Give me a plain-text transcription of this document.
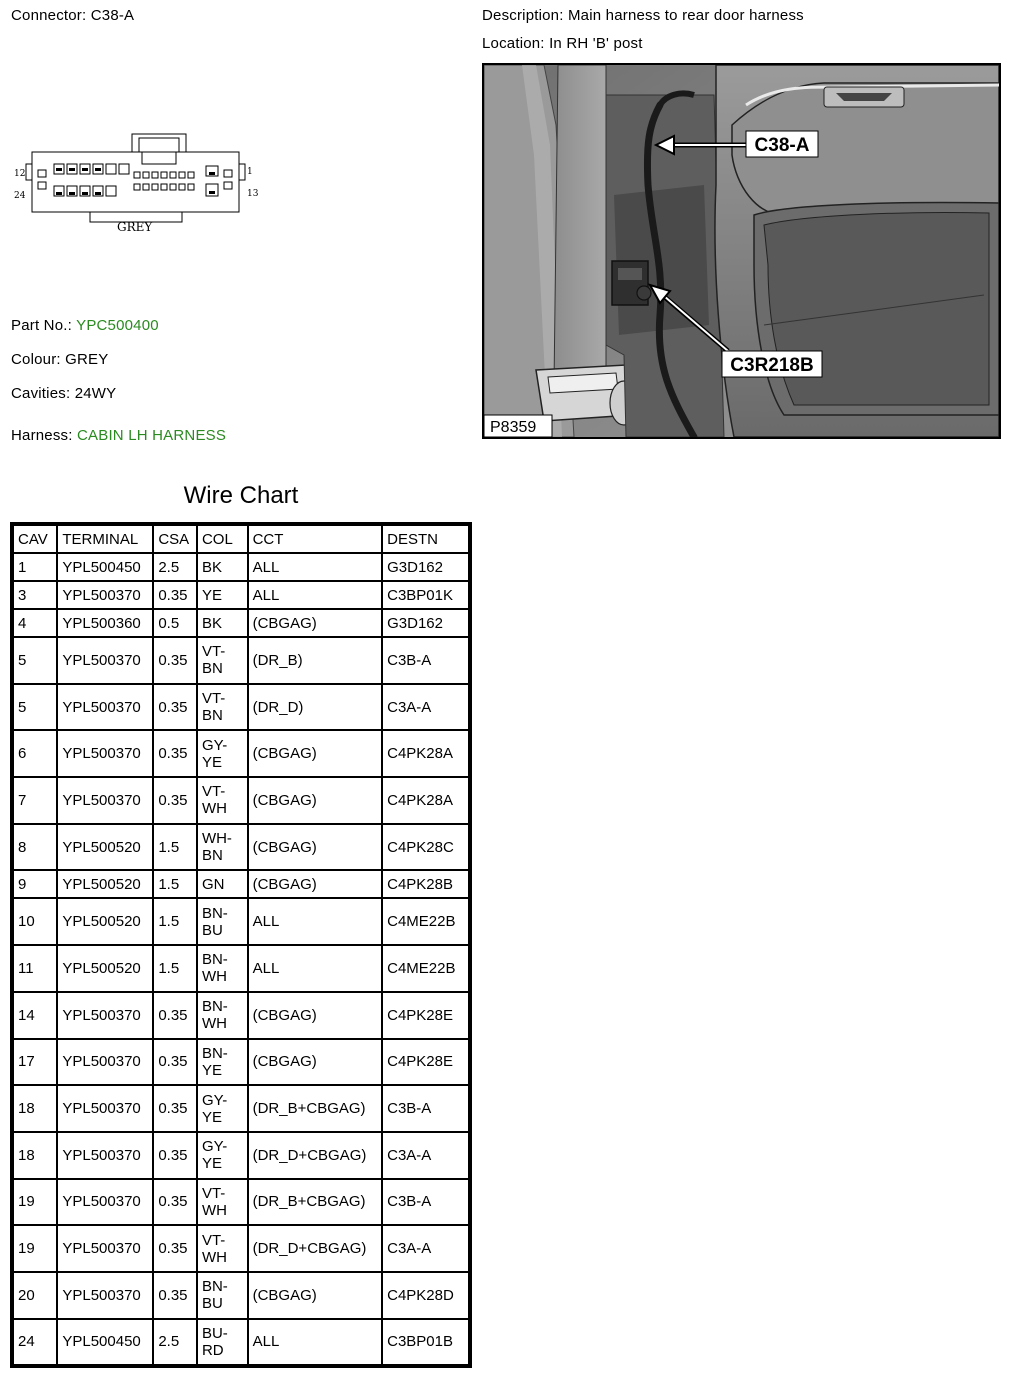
Connector: C38-A	Description: Main harness to rear door harness
Location: In RH 'B' post
12
24
1
13
GREY
Part No.: YPC500400
Colour: GREY
Cavities: 24WY
Harness: CABIN LH HARNESS
C38-A
C3R218B
P8359
Wire Chart
CAV	TERMINAL	CSA	COL	CCT	DESTN
1	YPL500450	2.5	BK	ALL	G3D162
3	YPL500370	0.35	YE	ALL	C3BP01K
4	YPL500360	0.5	BK	(CBGAG)	G3D162
5	YPL500370	0.35	VT-
BN	(DR_B)	C3B-A
5	YPL500370	0.35	VT-
BN	(DR_D)	C3A-A
6	YPL500370	0.35	GY-
YE	(CBGAG)	C4PK28A
7	YPL500370	0.35	VT-
WH	(CBGAG)	C4PK28A
8	YPL500520	1.5	WH-
BN	(CBGAG)	C4PK28C
9	YPL500520	1.5	GN	(CBGAG)	C4PK28B
10	YPL500520	1.5	BN-
BU	ALL	C4ME22B
11	YPL500520	1.5	BN-
WH	ALL	C4ME22B
14	YPL500370	0.35	BN-
WH	(CBGAG)	C4PK28E
17	YPL500370	0.35	BN-
YE	(CBGAG)	C4PK28E
18	YPL500370	0.35	GY-
YE	(DR_B+CBGAG)	C3B-A
18	YPL500370	0.35	GY-
YE	(DR_D+CBGAG)	C3A-A
19	YPL500370	0.35	VT-
WH	(DR_B+CBGAG)	C3B-A
19	YPL500370	0.35	VT-
WH	(DR_D+CBGAG)	C3A-A
20	YPL500370	0.35	BN-
BU	(CBGAG)	C4PK28D
24	YPL500450	2.5	BU-
RD	ALL	C3BP01B
